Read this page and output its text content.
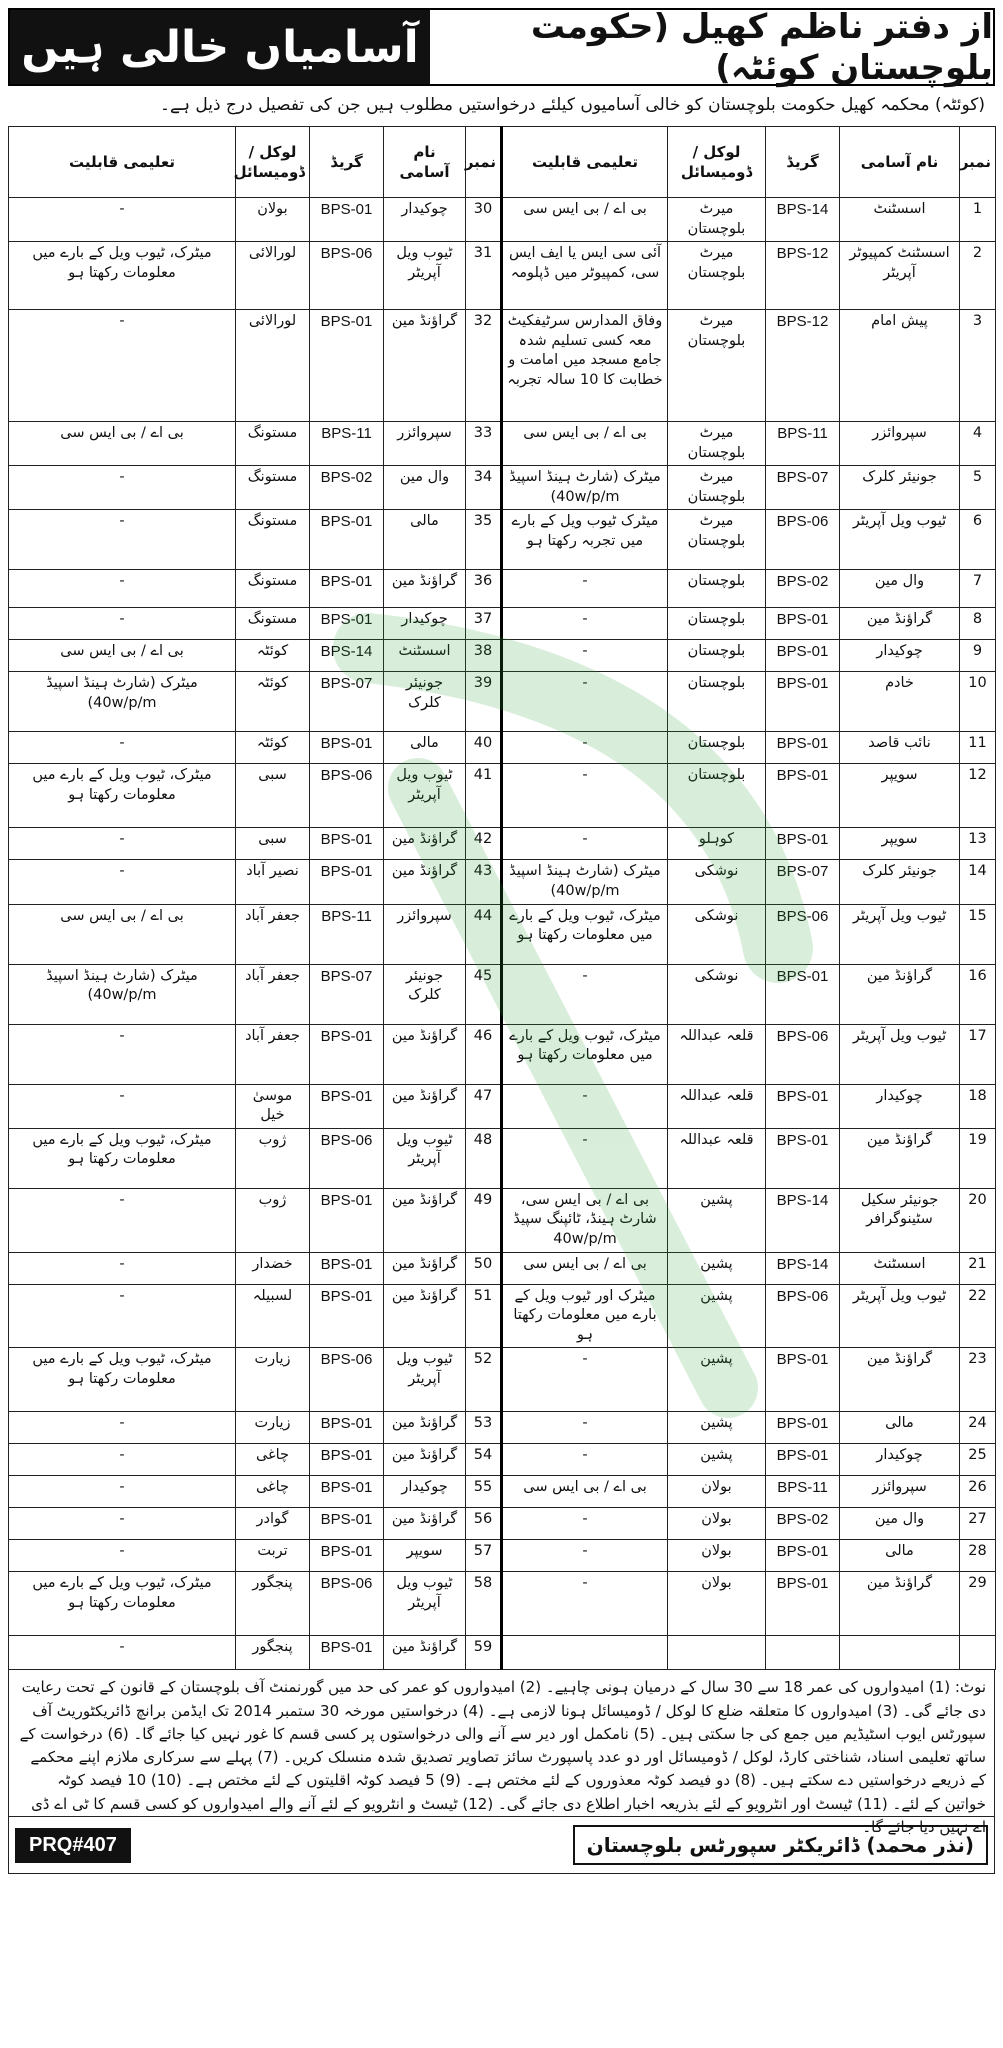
آسامیاں خالی ہیں	از دفتر ناظم کھیل (حکومت بلوچستان کوئٹہ)
(کوئٹہ) محکمہ کھیل حکومت بلوچستان کو خالی آسامیوں کیلئے درخواستیں مطلوب ہیں جن کی تفصیل درج ذیل ہے۔
نمبر	نام آسامی	گریڈ	لوکل / ڈومیسائل	تعلیمی قابلیت	نمبر	نام آسامی	گریڈ	لوکل / ڈومیسائل	تعلیمی قابلیت
1	اسسٹنٹ	BPS-14	میرٹ بلوچستان	بی اے / بی ایس سی	30	چوکیدار	BPS-01	بولان	-
2	اسسٹنٹ کمپیوٹر آپریٹر	BPS-12	میرٹ بلوچستان	آئی سی ایس یا ایف ایس سی، کمپیوٹر میں ڈپلومہ	31	ٹیوب ویل آپریٹر	BPS-06	لورالائی	میٹرک، ٹیوب ویل کے بارے میں معلومات رکھتا ہو
3	پیش امام	BPS-12	میرٹ بلوچستان	وفاق المدارس سرٹیفکیٹ معہ کسی تسلیم شدہ جامع مسجد میں امامت و خطابت کا 10 سالہ تجربہ	32	گراؤنڈ مین	BPS-01	لورالائی	-
4	سپروائزر	BPS-11	میرٹ بلوچستان	بی اے / بی ایس سی	33	سپروائزر	BPS-11	مستونگ	بی اے / بی ایس سی
5	جونیئر کلرک	BPS-07	میرٹ بلوچستان	میٹرک (شارٹ ہینڈ اسپیڈ 40w/p/m)	34	وال مین	BPS-02	مستونگ	-
6	ٹیوب ویل آپریٹر	BPS-06	میرٹ بلوچستان	میٹرک ٹیوب ویل کے بارے میں تجربہ رکھتا ہو	35	مالی	BPS-01	مستونگ	-
7	وال مین	BPS-02	بلوچستان	-	36	گراؤنڈ مین	BPS-01	مستونگ	-
8	گراؤنڈ مین	BPS-01	بلوچستان	-	37	چوکیدار	BPS-01	مستونگ	-
9	چوکیدار	BPS-01	بلوچستان	-	38	اسسٹنٹ	BPS-14	کوئٹہ	بی اے / بی ایس سی
10	خادم	BPS-01	بلوچستان	-	39	جونیئر کلرک	BPS-07	کوئٹہ	میٹرک (شارٹ ہینڈ اسپیڈ 40w/p/m)
11	نائب قاصد	BPS-01	بلوچستان	-	40	مالی	BPS-01	کوئٹہ	-
12	سویپر	BPS-01	بلوچستان	-	41	ٹیوب ویل آپریٹر	BPS-06	سبی	میٹرک، ٹیوب ویل کے بارے میں معلومات رکھتا ہو
13	سویپر	BPS-01	کوہلو	-	42	گراؤنڈ مین	BPS-01	سبی	-
14	جونیئر کلرک	BPS-07	نوشکی	میٹرک (شارٹ ہینڈ اسپیڈ 40w/p/m)	43	گراؤنڈ مین	BPS-01	نصیر آباد	-
15	ٹیوب ویل آپریٹر	BPS-06	نوشکی	میٹرک، ٹیوب ویل کے بارے میں معلومات رکھتا ہو	44	سپروائزر	BPS-11	جعفر آباد	بی اے / بی ایس سی
16	گراؤنڈ مین	BPS-01	نوشکی	-	45	جونیئر کلرک	BPS-07	جعفر آباد	میٹرک (شارٹ ہینڈ اسپیڈ 40w/p/m)
17	ٹیوب ویل آپریٹر	BPS-06	قلعہ عبداللہ	میٹرک، ٹیوب ویل کے بارے میں معلومات رکھتا ہو	46	گراؤنڈ مین	BPS-01	جعفر آباد	-
18	چوکیدار	BPS-01	قلعہ عبداللہ	-	47	گراؤنڈ مین	BPS-01	موسیٰ خیل	-
19	گراؤنڈ مین	BPS-01	قلعہ عبداللہ	-	48	ٹیوب ویل آپریٹر	BPS-06	ژوب	میٹرک، ٹیوب ویل کے بارے میں معلومات رکھتا ہو
20	جونیئر سکیل سٹینوگرافر	BPS-14	پشین	بی اے / بی ایس سی، شارٹ ہینڈ، ٹائپنگ سپیڈ 40w/p/m	49	گراؤنڈ مین	BPS-01	ژوب	-
21	اسسٹنٹ	BPS-14	پشین	بی اے / بی ایس سی	50	گراؤنڈ مین	BPS-01	خضدار	-
22	ٹیوب ویل آپریٹر	BPS-06	پشین	میٹرک اور ٹیوب ویل کے بارے میں معلومات رکھتا ہو	51	گراؤنڈ مین	BPS-01	لسبیلہ	-
23	گراؤنڈ مین	BPS-01	پشین	-	52	ٹیوب ویل آپریٹر	BPS-06	زیارت	میٹرک، ٹیوب ویل کے بارے میں معلومات رکھتا ہو
24	مالی	BPS-01	پشین	-	53	گراؤنڈ مین	BPS-01	زیارت	-
25	چوکیدار	BPS-01	پشین	-	54	گراؤنڈ مین	BPS-01	چاغی	-
26	سپروائزر	BPS-11	بولان	بی اے / بی ایس سی	55	چوکیدار	BPS-01	چاغی	-
27	وال مین	BPS-02	بولان	-	56	گراؤنڈ مین	BPS-01	گوادر	-
28	مالی	BPS-01	بولان	-	57	سویپر	BPS-01	تربت	-
29	گراؤنڈ مین	BPS-01	بولان	-	58	ٹیوب ویل آپریٹر	BPS-06	پنجگور	میٹرک، ٹیوب ویل کے بارے میں معلومات رکھتا ہو
					59	گراؤنڈ مین	BPS-01	پنجگور	-
نوٹ: (1) امیدواروں کی عمر 18 سے 30 سال کے درمیان ہونی چاہیے۔ (2) امیدواروں کو عمر کی حد میں گورنمنٹ آف بلوچستان کے قانون کے تحت رعایت دی جائے گی۔ (3) امیدواروں کا متعلقہ ضلع کا لوکل / ڈومیسائل ہونا لازمی ہے۔ (4) درخواستیں مورخہ 30 ستمبر 2014 تک ایڈمن برانچ ڈائریکٹوریٹ آف سپورٹس ایوب اسٹیڈیم میں جمع کی جا سکتی ہیں۔ (5) نامکمل اور دیر سے آنے والی درخواستوں پر کسی قسم کا غور نہیں کیا جائے گا۔ (6) درخواست کے ساتھ تعلیمی اسناد، شناختی کارڈ، لوکل / ڈومیسائل اور دو عدد پاسپورٹ سائز تصاویر تصدیق شدہ منسلک کریں۔ (7) پہلے سے سرکاری ملازم اپنے محکمے کے ذریعے درخواستیں دے سکتے ہیں۔ (8) دو فیصد کوٹہ معذوروں کے لئے مختص ہے۔ (9) 5 فیصد کوٹہ اقلیتوں کے لئے مختص ہے۔ (10) 10 فیصد کوٹہ خواتین کے لئے۔ (11) ٹیسٹ اور انٹرویو کے لئے بذریعہ اخبار اطلاع دی جائے گی۔ (12) ٹیسٹ و انٹرویو کے لئے آنے والے امیدواروں کو کسی قسم کا ٹی اے ڈی اے نہیں دیا جائے گا۔
PRQ#407	(نذر محمد) ڈائریکٹر سپورٹس بلوچستان
